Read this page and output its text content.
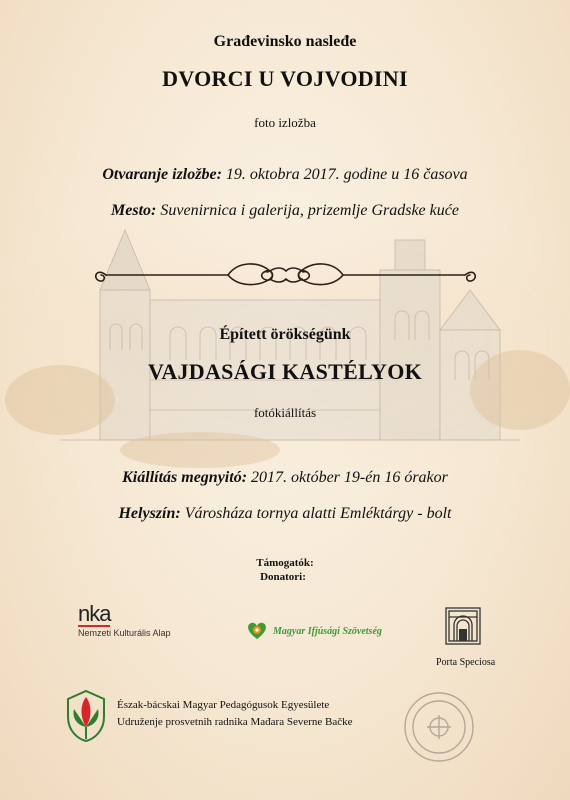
Građevinsko nasleđe
DVORCI U VOJVODINI
foto izložba
Otvaranje izložbe: 19. oktobra 2017. godine u 16 časova
Mesto: Suvenirnica i galerija, prizemlje Gradske kuće
Épített örökségünk
VAJDASÁGI KASTÉLYOK
fotókiállítás
Kiállítás megnyitó: 2017. október 19-én 16 órakor
Helyszín: Városháza tornya alatti Emléktárgy - bolt
Támogatók:
Donatori:
nka
Nemzeti Kulturális Alap	Magyar Ifjúsági Szövetség
Porta Speciosa
Észak-bácskai Magyar Pedagógusok Egyesülete
Udruženje prosvetnih radnika Mađara Severne Bačke
